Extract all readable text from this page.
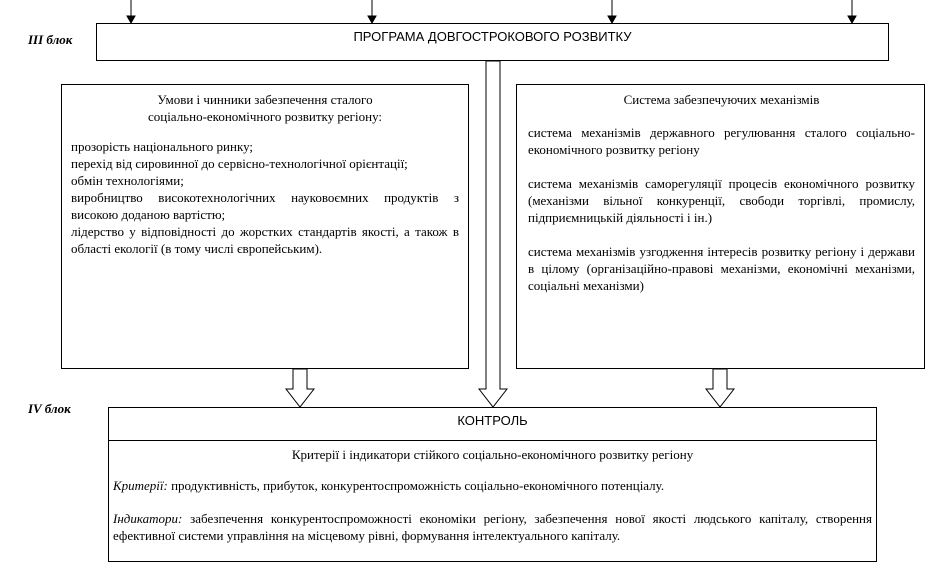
III блок
IV блок
ПРОГРАМА ДОВГОСТРОКОВОГО РОЗВИТКУ
Умови і чинники забезпечення сталого
соціально-економічного розвитку регіону:

прозорість національного ринку;

перехід від сировинної до сервісно-технологічної орієнтації;

обмін технологіями;

виробництво високотехнологічних науковоємних продуктів з високою доданою вартістю;

лідерство у відповідності до жорстких стандартів якості, а також в області екології (в тому числі європейським).

Система забезпечуючих механізмів

система механізмів державного регулювання сталого соціально-економічного розвитку регіону

система механізмів саморегуляції процесів економічного розвитку (механізми вільної конкуренції, свободи торгівлі, промислу, підприємницькій діяльності і ін.)

система механізмів узгодження інтересів розвитку регіону і держави в цілому (організаційно-правові механізми, економічні механізми, соціальні механізми)

КОНТРОЛЬ
Критерії і індикатори стійкого соціально-економічного розвитку регіону

Критерії: продуктивність, прибуток, конкурентоспроможність соціально-економічного потенціалу.

Індикатори: забезпечення конкурентоспроможності економіки регіону, забезпечення нової якості людського капіталу, створення ефективної системи управління на місцевому рівні, формування інтелектуального капіталу.
